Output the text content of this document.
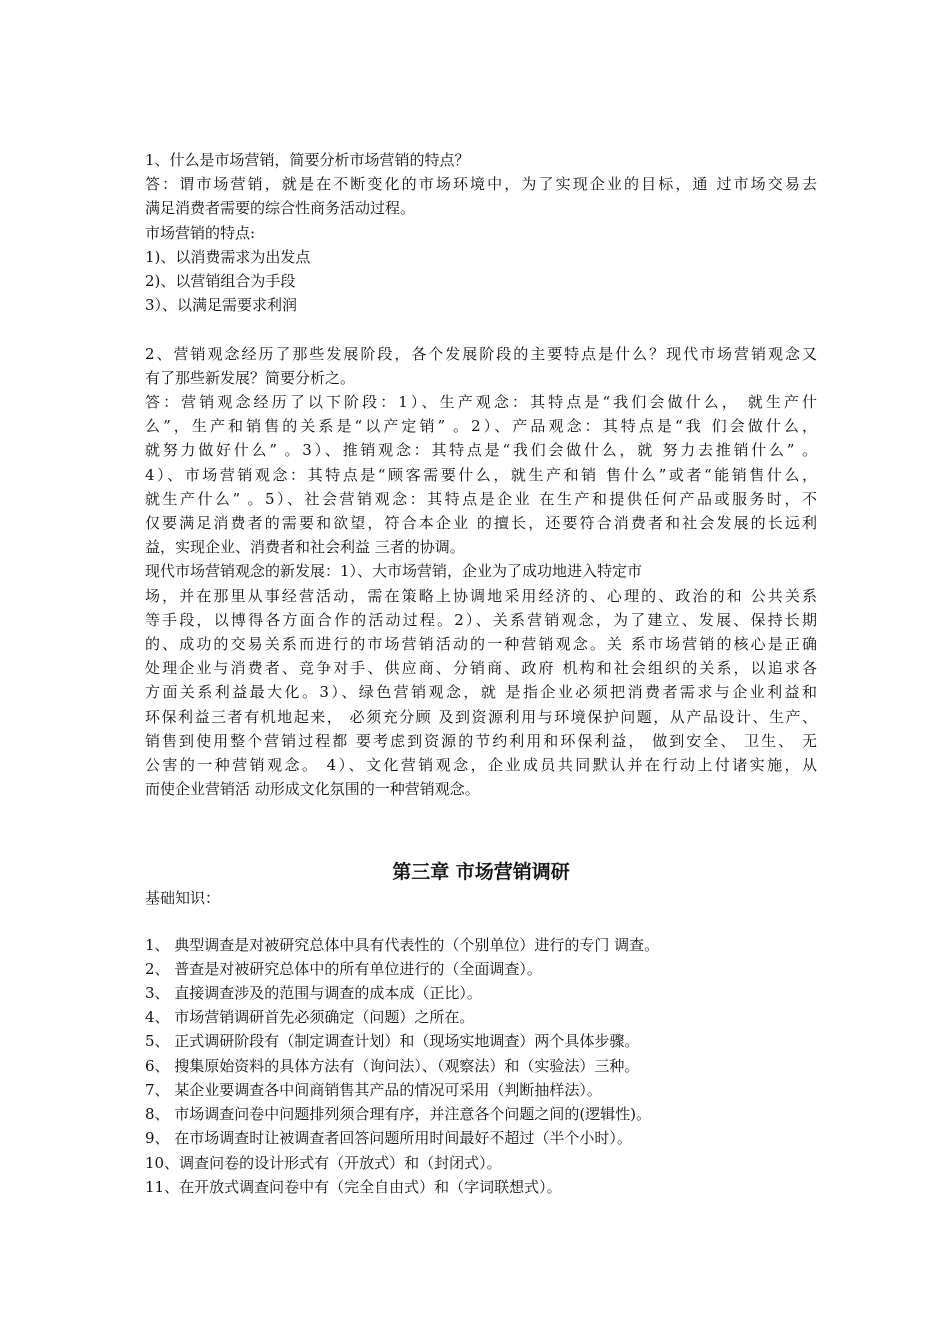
1、什么是市场营销，简要分析市场营销的特点？
答：谓市场营销，就是在不断变化的市场环境中，为了实现企业的目标，通 过市场交易去
满足消费者需要的综合性商务活动过程。
市场营销的特点:
1)、以消费需求为出发点
2)、以营销组合为手段
3）、以满足需要求利润
2、营销观念经历了那些发展阶段，各个发展阶段的主要特点是什么？现代市场营销观念又
有了那些新发展？简要分析之。
答：营销观念经历了以下阶段：1）、生产观念：其特点是“我们会做什么， 就生产什
么”，生产和销售的关系是“以产定销” 。2）、产品观念：其特点是“我 们会做什么，
就努力做好什么” 。3）、推销观念：其特点是“我们会做什么，就 努力去推销什么” 。
4）、市场营销观念：其特点是“顾客需要什么，就生产和销 售什么”或者“能销售什么，
就生产什么” 。5）、社会营销观念：其特点是企业 在生产和提供任何产品或服务时，不
仅要满足消费者的需要和欲望，符合本企业 的擅长，还要符合消费者和社会发展的长远利
益，实现企业、消费者和社会利益 三者的协调。
现代市场营销观念的新发展：1）、大市场营销，企业为了成功地进入特定市
场，并在那里从事经营活动，需在策略上协调地采用经济的、心理的、政治的和 公共关系
等手段，以博得各方面合作的活动过程。2）、关系营销观念，为了建立、发展、保持长期
的、成功的交易关系而进行的市场营销活动的一种营销观念。关 系市场营销的核心是正确
处理企业与消费者、竞争对手、供应商、分销商、政府 机构和社会组织的关系，以追求各
方面关系利益最大化。3）、绿色营销观念，就 是指企业必须把消费者需求与企业利益和
环保利益三者有机地起来， 必须充分顾 及到资源利用与环境保护问题，从产品设计、生产、
销售到使用整个营销过程都 要考虑到资源的节约利用和环保利益， 做到安全、 卫生、 无
公害的一种营销观念。 4）、文化营销观念，企业成员共同默认并在行动上付诸实施，从
而使企业营销活 动形成文化氛围的一种营销观念。
第三章 市场营销调研
基础知识：
1、 典型调查是对被研究总体中具有代表性的（个别单位）进行的专门 调查。
2、 普查是对被研究总体中的所有单位进行的（全面调查）。
3、 直接调查涉及的范围与调查的成本成（正比）。
4、 市场营销调研首先必须确定（问题）之所在。
5、 正式调研阶段有（制定调查计划）和（现场实地调查）两个具体步骤。
6、 搜集原始资料的具体方法有（询问法）、（观察法）和（实验法）三种。
7、 某企业要调查各中间商销售其产品的情况可采用（判断抽样法）。
8、 市场调查问卷中问题排列须合理有序，并注意各个问题之间的(逻辑性)。
9、 在市场调查时让被调查者回答问题所用时间最好不超过（半个小时）。
10、调查问卷的设计形式有（开放式）和（封闭式）。
11、在开放式调查问卷中有（完全自由式）和（字词联想式）。
